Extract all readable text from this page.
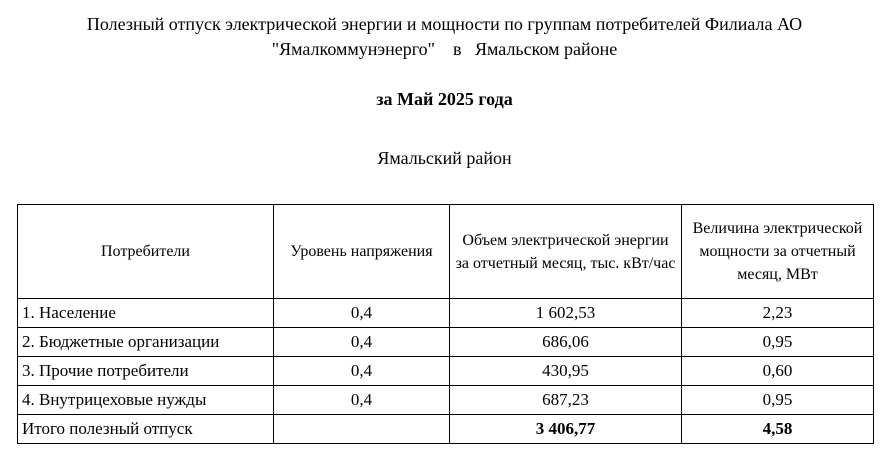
Полезный отпуск электрической энергии и мощности по группам потребителей Филиала АО
"Ямалкоммунэнерго"    в   Ямальском районе
за Май 2025 года
Ямальский район
Потребители	Уровень напряжения	Объем электрической энергии за отчетный месяц, тыс. кВт/час	Величина электрической мощности за отчетный месяц, МВт
1. Население	0,4	1 602,53	2,23
2. Бюджетные организации	0,4	686,06	0,95
3. Прочие потребители	0,4	430,95	0,60
4. Внутрицеховые нужды	0,4	687,23	0,95
Итого полезный отпуск		3 406,77	4,58
